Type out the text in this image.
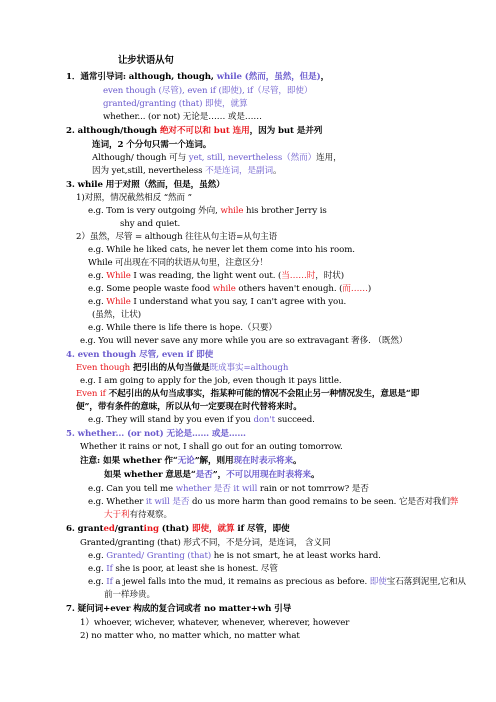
让步状语从句
1．通常引导词: although, though, while (然而，虽然，但是)，
even though (尽管), even if (即使), if（尽管，即使）
granted/granting (that) 即使，就算
whether... (or not) 无论是…… 或是……
2. although/though 绝对不可以和 but 连用，因为 but 是并列
连词，2 个分句只需一个连词。
Although/ though 可与 yet, still, nevertheless（然而）连用，
因为 yet,still, nevertheless 不是连词，是副词。
3. while 用于对照（然而，但是，虽然）
1)对照，情况截然相反 “然而 ”
e.g. Tom is very outgoing 外向, while his brother Jerry is
shy and quiet.
2）虽然，尽管 = although 往往从句主语=从句主语
e.g. While he liked cats, he never let them come into his room.
While 可出现在不同的状语从句里，注意区分！
e.g. While I was reading, the light went out. (当……时，时状)
e.g. Some people waste food while others haven't enough. (而……)
e.g. While I understand what you say, I can't agree with you.
(虽然，让状)
e.g. While there is life there is hope.（只要）
e.g. You will never save any more while you are so extravagant 奢侈. （既然）
4. even though 尽管, even if 即使
Even though 把引出的从句当做是既成事实=although
e.g. I am going to apply for the job, even though it pays little.
Even if 不起引出的从句当成事实，指某种可能的情况不会阻止另一种情况发生，意思是“即
便”，带有条件的意味，所以从句一定要现在时代替将来时。
e.g. They will stand by you even if you don't succeed.
5. whether... (or not) 无论是…… 或是……
Whether it rains or not, I shall go out for an outing tomorrow.
注意: 如果 whether 作“无论”解，则用现在时表示将来。
如果 whether 意思是“是否”，不可以用现在时表将来。
e.g. Can you tell me whether 是否 it will rain or not tomrrow? 是否
e.g. Whether it will 是否 do us more harm than good remains to be seen. 它是否对我们弊
大于利有待观察。
6. granted/granting (that) 即使，就算 if 尽管，即使
Granted/granting (that) 形式不同，不是分词，是连词， 含义同
e.g. Granted/ Granting (that) he is not smart, he at least works hard.
e.g. If she is poor, at least she is honest. 尽管
e.g. If a jewel falls into the mud, it remains as precious as before. 即使宝石落到泥里,它和从
前一样珍贵。
7. 疑问词+ever 构成的复合词或者 no matter+wh 引导
1）whoever, wichever, whatever, whenever, wherever, however
2) no matter who, no matter which, no matter what
